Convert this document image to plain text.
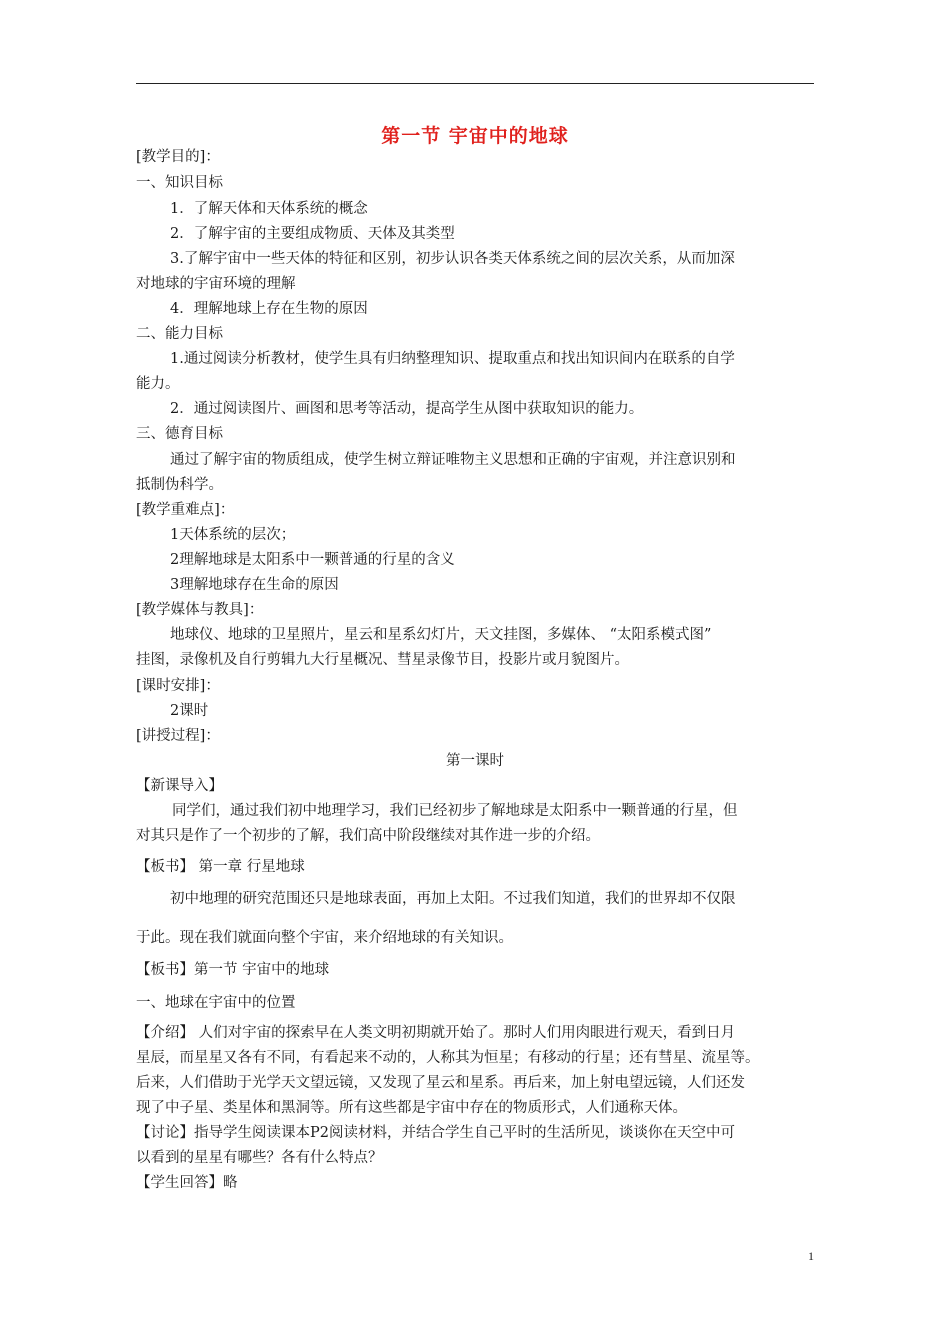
第一节 宇宙中的地球
[教学目的]：
一、知识目标
1．了解天体和天体系统的概念
2．了解宇宙的主要组成物质、天体及其类型
3.了解宇宙中一些天体的特征和区别，初步认识各类天体系统之间的层次关系，从而加深
对地球的宇宙环境的理解
4．理解地球上存在生物的原因
二、能力目标
1.通过阅读分析教材，使学生具有归纳整理知识、提取重点和找出知识间内在联系的自学
能力。
2．通过阅读图片、画图和思考等活动，提高学生从图中获取知识的能力。
三、德育目标
通过了解宇宙的物质组成，使学生树立辩证唯物主义思想和正确的宇宙观，并注意识别和
抵制伪科学。
[教学重难点]：
1天体系统的层次；
2理解地球是太阳系中一颗普通的行星的含义
3理解地球存在生命的原因
[教学媒体与教具]：
地球仪、地球的卫星照片，星云和星系幻灯片，天文挂图，多媒体、 “太阳系模式图”
挂图，录像机及自行剪辑九大行星概况、彗星录像节目，投影片或月貌图片。
[课时安排]：
2课时
[讲授过程]：
第一课时
【新课导入】
同学们，通过我们初中地理学习，我们已经初步了解地球是太阳系中一颗普通的行星，但
对其只是作了一个初步的了解，我们高中阶段继续对其作进一步的介绍。
【板书】 第一章 行星地球
初中地理的研究范围还只是地球表面，再加上太阳。不过我们知道，我们的世界却不仅限
于此。现在我们就面向整个宇宙，来介绍地球的有关知识。
【板书】第一节 宇宙中的地球
一、地球在宇宙中的位置
【介绍】 人们对宇宙的探索早在人类文明初期就开始了。那时人们用肉眼进行观天，看到日月
星辰，而星星又各有不同，有看起来不动的，人称其为恒星；有移动的行星；还有彗星、流星等。
后来，人们借助于光学天文望远镜，又发现了星云和星系。再后来，加上射电望远镜，人们还发
现了中子星、类星体和黑洞等。所有这些都是宇宙中存在的物质形式，人们通称天体。
【讨论】指导学生阅读课本P2阅读材料，并结合学生自己平时的生活所见，谈谈你在天空中可
以看到的星星有哪些？各有什么特点？
【学生回答】略
1
